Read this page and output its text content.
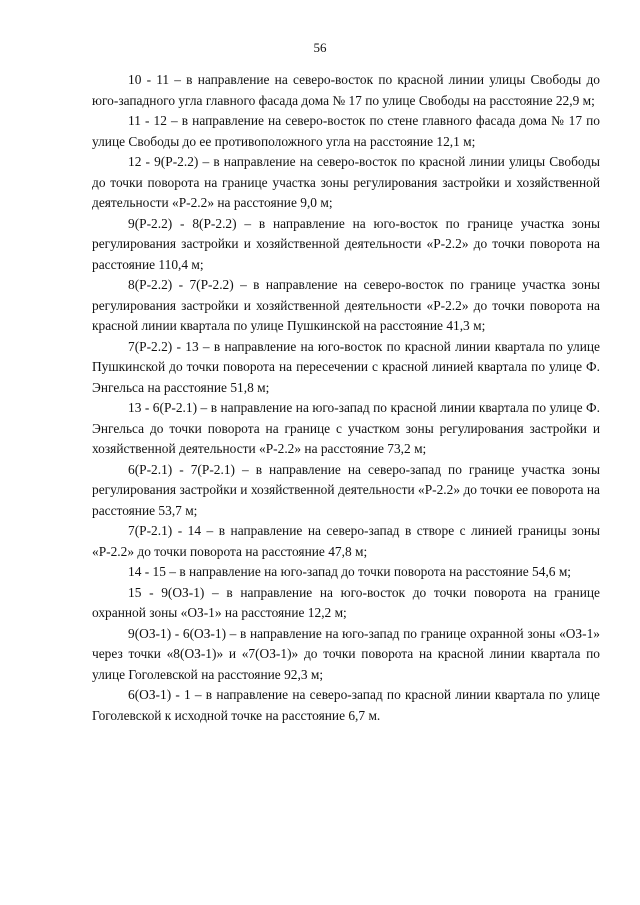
56

10 - 11 – в направление на северо-восток по красной линии улицы Свободы до юго-западного угла главного фасада дома № 17 по улице Свободы на расстояние 22,9 м;

11 - 12 – в направление на северо-восток по стене главного фасада дома № 17 по улице Свободы до ее противоположного угла на расстояние 12,1 м;

12 - 9(Р-2.2) – в направление на северо-восток по красной линии улицы Свободы до точки поворота на границе участка зоны регулирования застройки и хозяйственной деятельности «Р-2.2» на расстояние 9,0 м;

9(Р-2.2) - 8(Р-2.2) – в направление на юго-восток по границе участка зоны регулирования застройки и хозяйственной деятельности «Р-2.2» до точки поворота на расстояние 110,4 м;

8(Р-2.2) - 7(Р-2.2) – в направление на северо-восток по границе участка зоны регулирования застройки и хозяйственной деятельности «Р-2.2» до точки поворота на красной линии квартала по улице Пушкинской на расстояние 41,3 м;

7(Р-2.2) - 13 – в направление на юго-восток по красной линии квартала по улице Пушкинской до точки поворота на пересечении с красной линией квартала по улице Ф. Энгельса на расстояние 51,8 м;

13 - 6(Р-2.1) – в направление на юго-запад по красной линии квартала по улице Ф. Энгельса до точки поворота на границе с участком зоны регулирования застройки и хозяйственной деятельности «Р-2.2» на расстояние 73,2 м;

6(Р-2.1) - 7(Р-2.1) – в направление на северо-запад по границе участка зоны регулирования застройки и хозяйственной деятельности «Р-2.2» до точки ее поворота на расстояние 53,7 м;

7(Р-2.1) - 14 – в направление на северо-запад в створе с линией границы зоны «Р-2.2» до точки поворота на расстояние 47,8 м;

14 - 15 – в направление на юго-запад до точки поворота на расстояние 54,6 м;

15 - 9(ОЗ-1) – в направление на юго-восток до точки поворота на границе охранной зоны «ОЗ-1» на расстояние 12,2 м;

9(ОЗ-1) - 6(ОЗ-1) – в направление на юго-запад по границе охранной зоны «ОЗ-1» через точки «8(ОЗ-1)» и «7(ОЗ-1)» до точки поворота на красной линии квартала по улице Гоголевской на расстояние 92,3 м;

6(ОЗ-1) - 1 – в направление на северо-запад по красной линии квартала по улице Гоголевской к исходной точке на расстояние 6,7 м.
